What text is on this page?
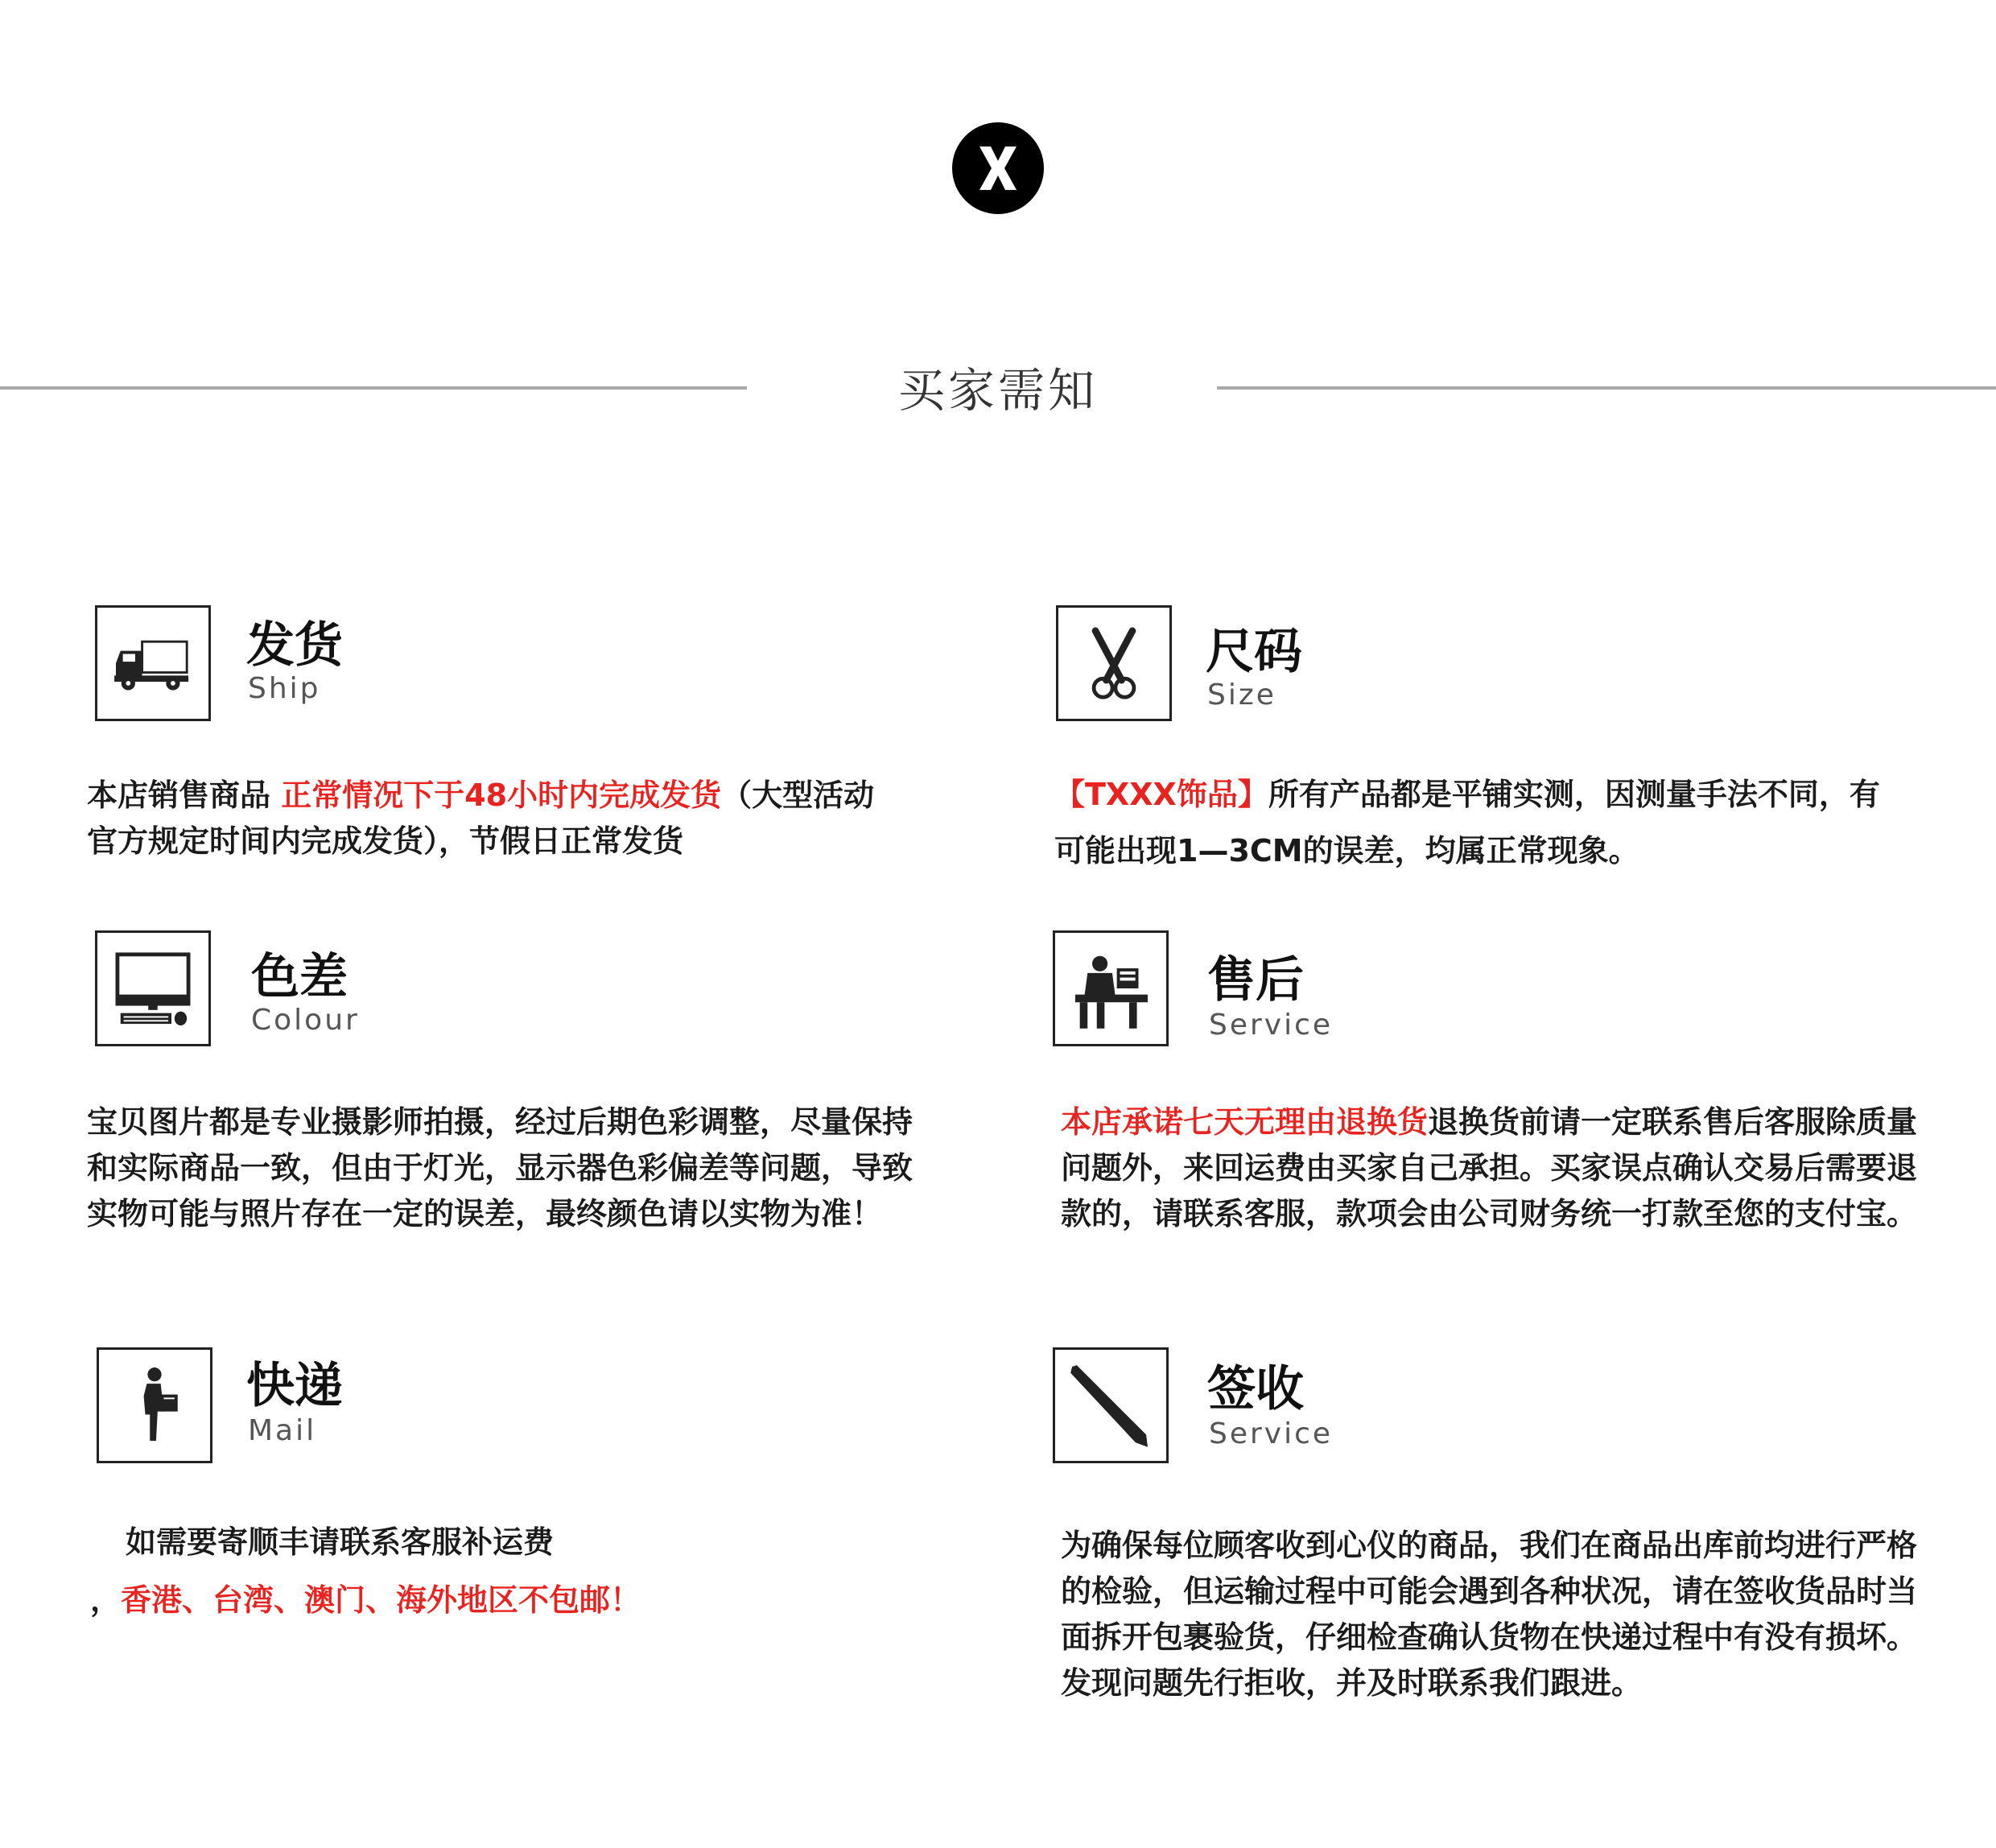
买家需知
发货
Ship
本店销售商品 正常情况下于48小时内完成发货（大型活动官方规定时间内完成发货），节假日正常发货
尺码
Size
【TXXX饰品】所有产品都是平铺实测，因测量手法不同，有可能出现1—3CM的误差，均属正常现象。
色差
Colour
宝贝图片都是专业摄影师拍摄，经过后期色彩调整，尽量保持和实际商品一致，但由于灯光，显示器色彩偏差等问题，导致实物可能与照片存在一定的误差，最终颜色请以实物为准！
售后
Service
本店承诺七天无理由退换货退换货前请一定联系售后客服除质量问题外，来回运费由买家自己承担。买家误点确认交易后需要退款的，请联系客服，款项会由公司财务统一打款至您的支付宝。
快递
Mail
如需要寄顺丰请联系客服补运费
，香港、台湾、澳门、海外地区不包邮！
签收
Service
为确保每位顾客收到心仪的商品，我们在商品出库前均进行严格的检验，但运输过程中可能会遇到各种状况，请在签收货品时当面拆开包裹验货，仔细检查确认货物在快递过程中有没有损坏。发现问题先行拒收，并及时联系我们跟进。
